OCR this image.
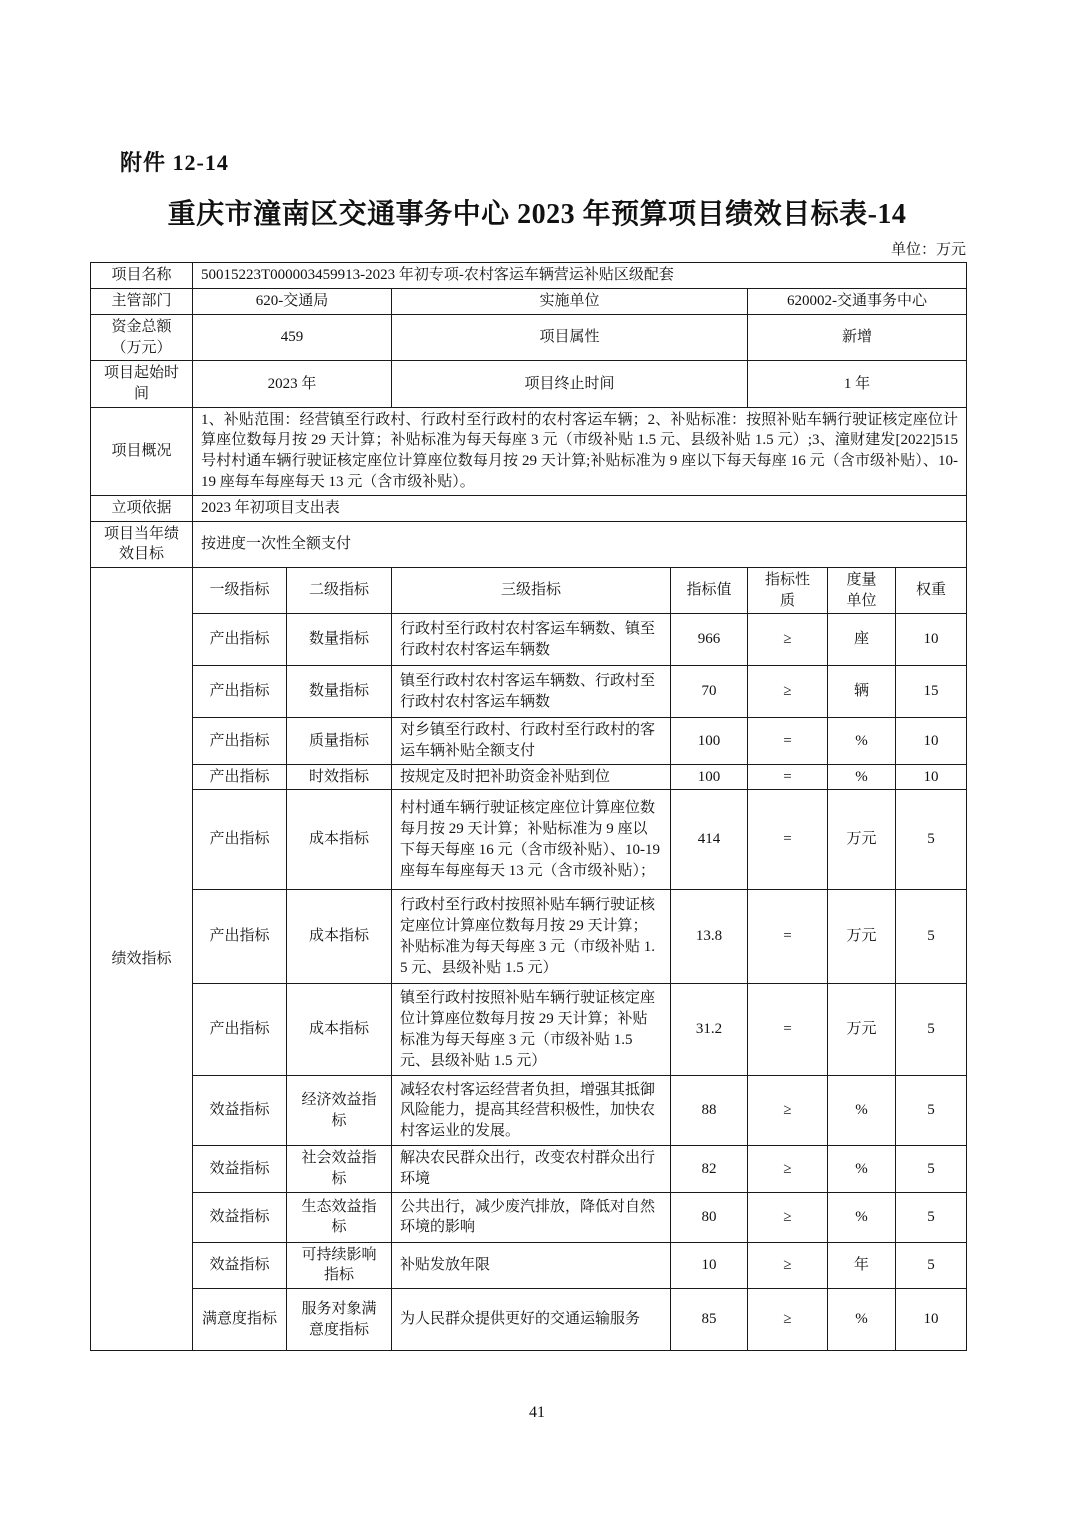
附件 12-14
重庆市潼南区交通事务中心 2023 年预算项目绩效目标表-14
单位：万元
项目名称	50015223T000003459913-2023 年初专项-农村客运车辆营运补贴区级配套						
主管部门	620-交通局		实施单位		620002-交通事务中心		
资金总额（万元）	459		项目属性		新增		
项目起始时间	2023 年		项目终止时间		1 年		
项目概况	1、补贴范围：经营镇至行政村、行政村至行政村的农村客运车辆；2、补贴标准：按照补贴车辆行驶证核定座位计算座位数每月按 29 天计算；补贴标准为每天每座 3 元（市级补贴 1.5 元、县级补贴 1.5 元）;3、潼财建发[2022]515 号村村通车辆行驶证核定座位计算座位数每月按 29 天计算;补贴标准为 9 座以下每天每座 16 元（含市级补贴）、10-19 座每车每座每天 13 元（含市级补贴）。						
立项依据	2023 年初项目支出表						
项目当年绩效目标	按进度一次性全额支付						
绩效指标	一级指标	二级指标	三级指标	指标值	指标性质	度量单位	权重
	产出指标	数量指标	行政村至行政村农村客运车辆数、镇至行政村农村客运车辆数	966	≥	座	10
	产出指标	数量指标	镇至行政村农村客运车辆数、行政村至行政村农村客运车辆数	70	≥	辆	15
	产出指标	质量指标	对乡镇至行政村、行政村至行政村的客运车辆补贴全额支付	100	=	%	10
	产出指标	时效指标	按规定及时把补助资金补贴到位	100	=	%	10
	产出指标	成本指标	村村通车辆行驶证核定座位计算座位数每月按 29 天计算；补贴标准为 9 座以下每天每座 16 元（含市级补贴）、10-19 座每车每座每天 13 元（含市级补贴）；	414	=	万元	5
	产出指标	成本指标	行政村至行政村按照补贴车辆行驶证核定座位计算座位数每月按 29 天计算；补贴标准为每天每座 3 元（市级补贴 1.5 元、县级补贴 1.5 元）	13.8	=	万元	5
	产出指标	成本指标	镇至行政村按照补贴车辆行驶证核定座位计算座位数每月按 29 天计算；补贴标准为每天每座 3 元（市级补贴 1.5 元、县级补贴 1.5 元）	31.2	=	万元	5
	效益指标	经济效益指标	减轻农村客运经营者负担，增强其抵御风险能力，提高其经营积极性，加快农村客运业的发展。	88	≥	%	5
	效益指标	社会效益指标	解决农民群众出行，改变农村群众出行环境	82	≥	%	5
	效益指标	生态效益指标	公共出行，减少废汽排放，降低对自然环境的影响	80	≥	%	5
	效益指标	可持续影响指标	补贴发放年限	10	≥	年	5
	满意度指标	服务对象满意度指标	为人民群众提供更好的交通运输服务	85	≥	%	10
41
